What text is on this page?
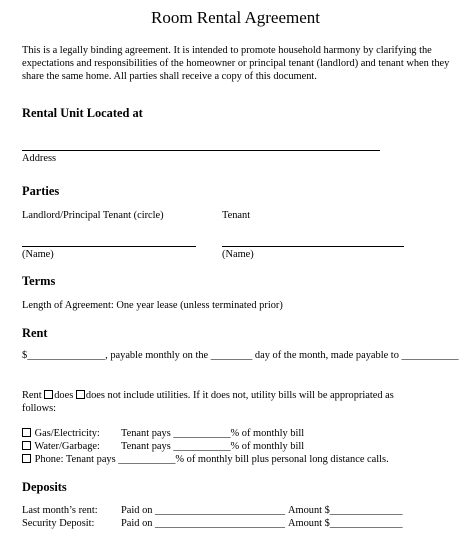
Room Rental Agreement
This is a legally binding agreement. It is intended to promote household harmony by clarifying the expectations and responsibilities of the homeowner or principal tenant (landlord) and tenant when they share the same home. All parties shall receive a copy of this document.
Rental Unit Located at
Address
Parties
Landlord/Principal Tenant (circle)	Tenant
(Name)	(Name)
Terms
Length of Agreement: One year lease (unless terminated prior)
Rent
$_______________, payable monthly on the ________ day of the month, made payable to ___________
Rent does does not include utilities. If it does not, utility bills will be appropriated as
follows:
Gas/Electricity: Tenant pays ___________% of monthly bill
Water/Garbage: Tenant pays ___________% of monthly bill
Phone: Tenant pays ___________% of monthly bill plus personal long distance calls.
Deposits
Last month’s rent: Paid on _________________________ Amount $______________
Security Deposit:	Paid on _________________________ Amount $______________
